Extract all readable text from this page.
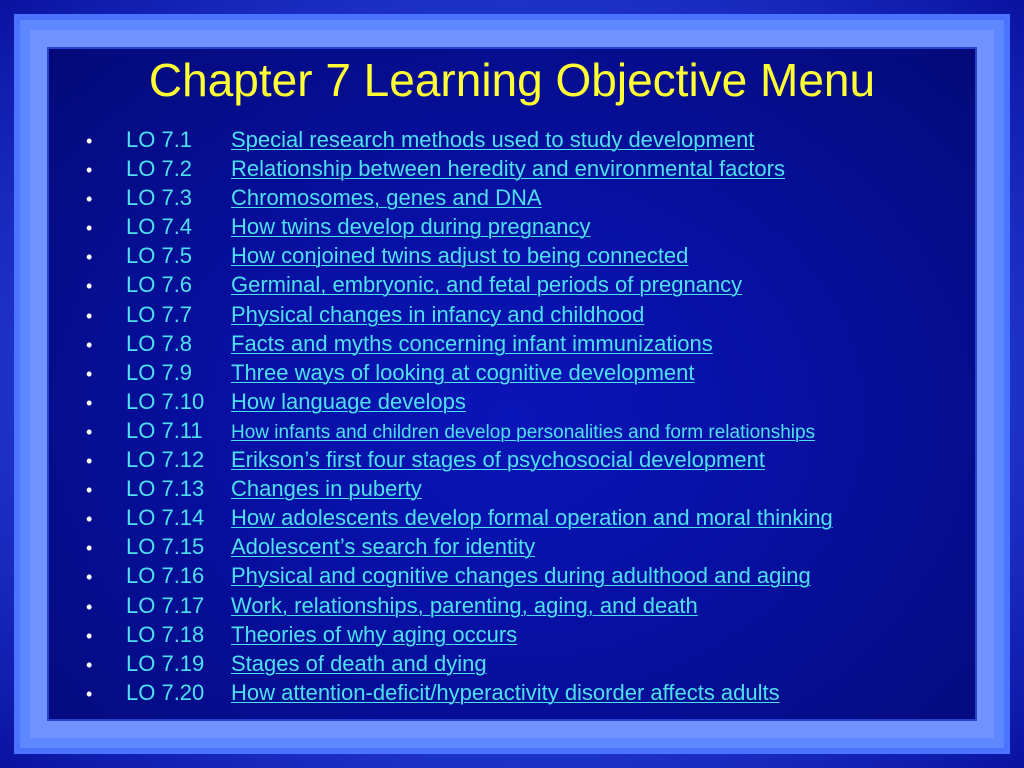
Chapter 7 Learning Objective Menu
•	LO 7.1 Special research methods used to study development
•	LO 7.2 Relationship between heredity and environmental factors
•	LO 7.3 Chromosomes, genes and DNA
•	LO 7.4 How twins develop during pregnancy
•	LO 7.5 How conjoined twins adjust to being connected
•	LO 7.6 Germinal, embryonic, and fetal periods of pregnancy
•	LO 7.7 Physical changes in infancy and childhood
•	LO 7.8 Facts and myths concerning infant immunizations
•	LO 7.9 Three ways of looking at cognitive development
•	LO 7.10 How language develops
•	LO 7.11 How infants and children develop personalities and form relationships
•	LO 7.12 Erikson’s first four stages of psychosocial development
•	LO 7.13 Changes in puberty
•	LO 7.14 How adolescents develop formal operation and moral thinking
•	LO 7.15 Adolescent’s search for identity
•	LO 7.16 Physical and cognitive changes during adulthood and aging
•	LO 7.17 Work, relationships, parenting, aging, and death
•	LO 7.18 Theories of why aging occurs
•	LO 7.19 Stages of death and dying
•	LO 7.20 How attention-deficit/hyperactivity disorder affects adults
